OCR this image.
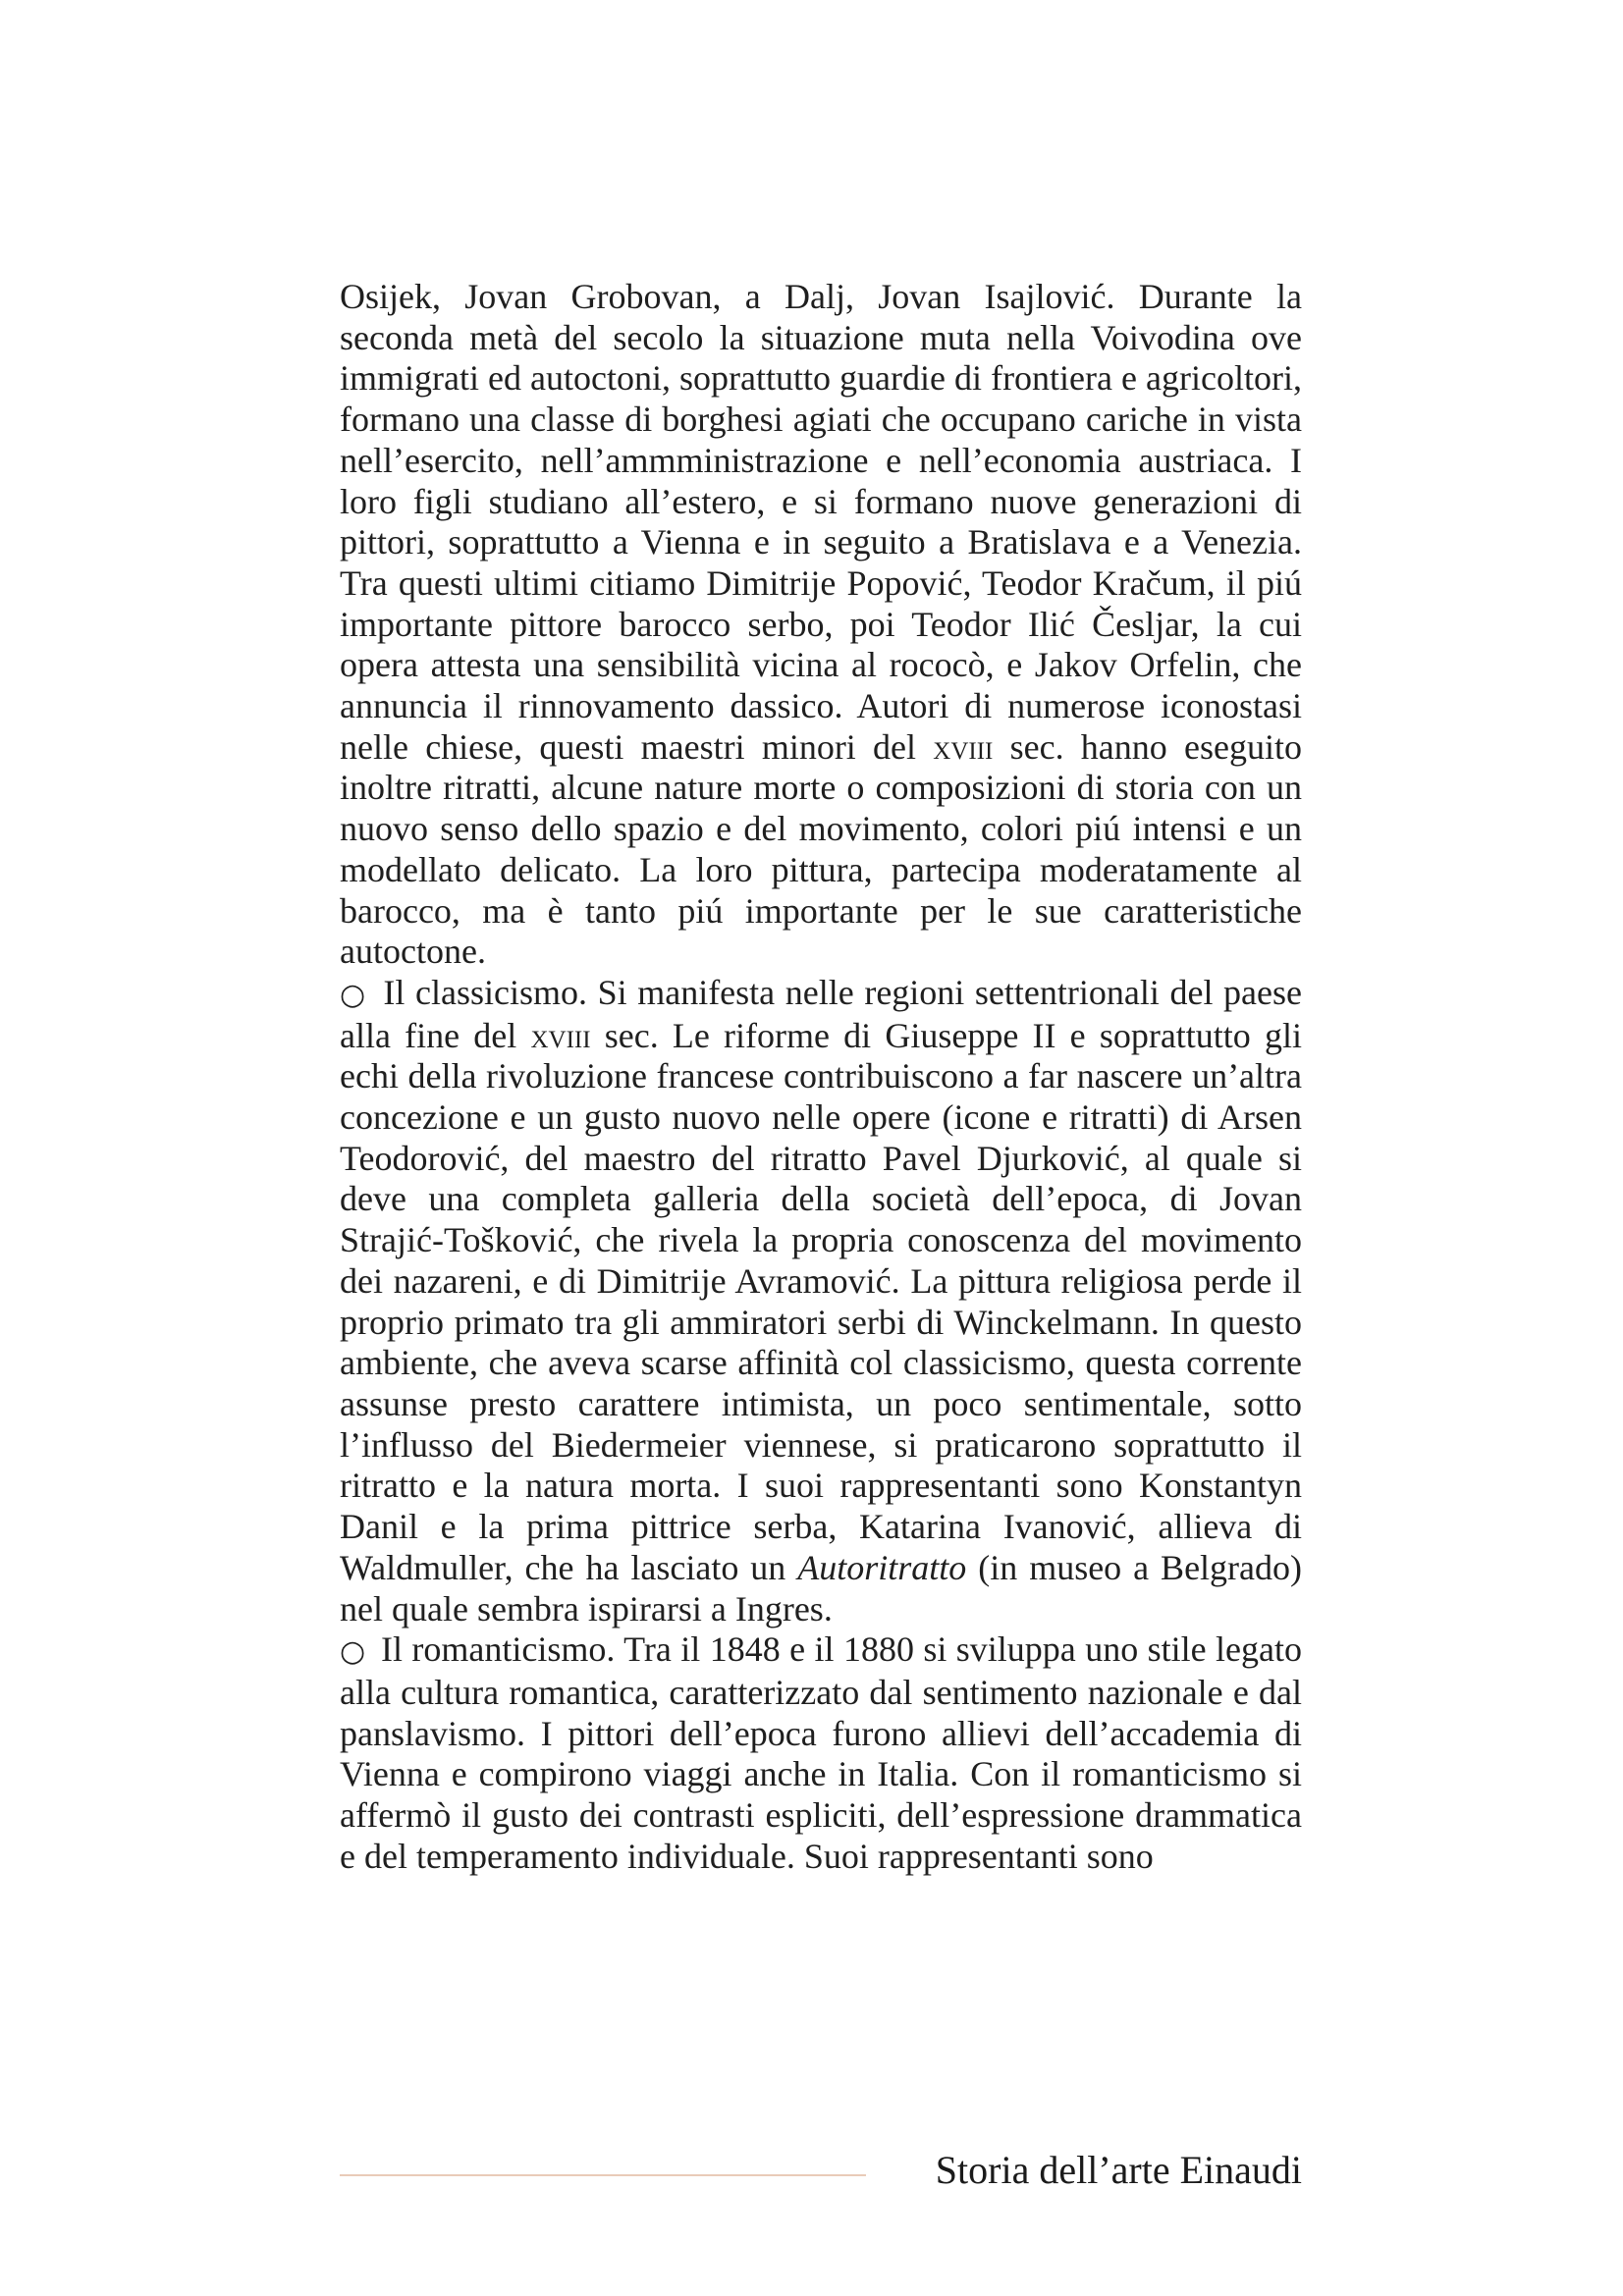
Osijek, Jovan Grobovan, a Dalj, Jovan Isajlović. Durante la seconda metà del secolo la situazione muta nella Voivodina ove immigrati ed autoctoni, soprattutto guardie di frontiera e agricoltori, formano una classe di borghesi agiati che occupano cariche in vista nell’esercito, nell’ammministrazione e nell’economia austriaca. I loro figli studiano all’estero, e si formano nuove generazioni di pittori, soprattutto a Vienna e in seguito a Bratislava e a Venezia. Tra questi ultimi citiamo Dimitrije Popović, Teodor Kračum, il piú importante pittore barocco serbo, poi Teodor Ilić Česljar, la cui opera attesta una sensibilità vicina al rococò, e Jakov Orfelin, che annuncia il rinnovamento dassico. Autori di numerose iconostasi nelle chiese, questi maestri minori del xviii sec. hanno eseguito inoltre ritratti, alcune nature morte o composizioni di storia con un nuovo senso dello spazio e del movimento, colori piú intensi e un modellato delicato. La loro pittura, partecipa moderatamente al barocco, ma è tanto piú importante per le sue caratteristiche autoctone.

○ Il classicismo. Si manifesta nelle regioni settentrionali del paese alla fine del xviii sec. Le riforme di Giuseppe II e soprattutto gli echi della rivoluzione francese contribuiscono a far nascere un’altra concezione e un gusto nuovo nelle opere (icone e ritratti) di Arsen Teodorović, del maestro del ritratto Pavel Djurković, al quale si deve una completa galleria della società dell’epoca, di Jovan Strajić-Tošković, che rivela la propria conoscenza del movimento dei nazareni, e di Dimitrije Avramović. La pittura religiosa perde il proprio primato tra gli ammiratori serbi di Winckelmann. In questo ambiente, che aveva scarse affinità col classicismo, questa corrente assunse presto carattere intimista, un poco sentimentale, sotto l’influsso del Biedermeier viennese, si praticarono soprattutto il ritratto e la natura morta. I suoi rappresentanti sono Konstantyn Danil e la prima pittrice serba, Katarina Ivanović, allieva di Waldmuller, che ha lasciato un Autoritratto (in museo a Belgrado) nel quale sembra ispirarsi a Ingres.

○ Il romanticismo. Tra il 1848 e il 1880 si sviluppa uno stile legato alla cultura romantica, caratterizzato dal sentimento nazionale e dal panslavismo. I pittori dell’epoca furono allievi dell’accademia di Vienna e compirono viaggi anche in Italia. Con il romanticismo si affermò il gusto dei contrasti espliciti, dell’espressione drammatica e del temperamento individuale. Suoi rappresentanti sono

Storia dell’arte Einaudi
